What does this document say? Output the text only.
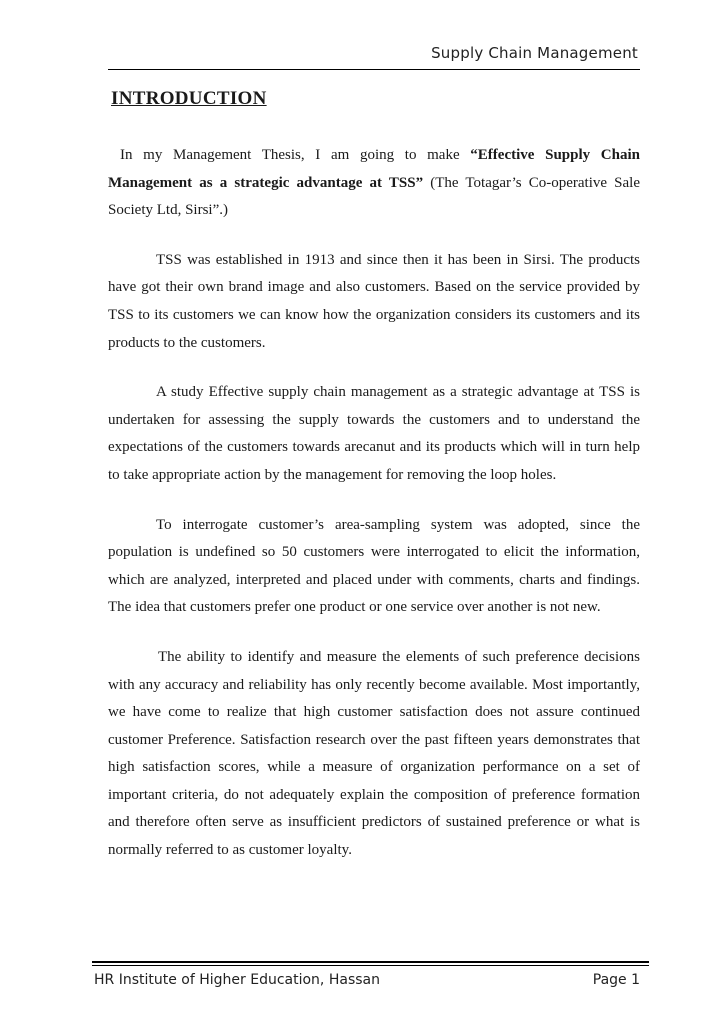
Supply Chain Management
INTRODUCTION

In my Management Thesis, I am going to make “Effective Supply Chain Management as a strategic advantage at TSS” (The Totagar’s Co-operative Sale Society Ltd, Sirsi”.)

TSS was established in 1913 and since then it has been in Sirsi. The products have got their own brand image and also customers. Based on the service provided by TSS to its customers we can know how the organization considers its customers and its products to the customers.

A study Effective supply chain management as a strategic advantage at TSS is undertaken for assessing the supply towards the customers and to understand the expectations of the customers towards arecanut and its products which will in turn help to take appropriate action by the management for removing the loop holes.

To interrogate customer’s area-sampling system was adopted, since the population is undefined so 50 customers were interrogated to elicit the information, which are analyzed, interpreted and placed under with comments, charts and findings. The idea that customers prefer one product or one service over another is not new.

The ability to identify and measure the elements of such preference decisions with any accuracy and reliability has only recently become available. Most importantly, we have come to realize that high customer satisfaction does not assure continued customer Preference. Satisfaction research over the past fifteen years demonstrates that high satisfaction scores, while a measure of organization performance on a set of important criteria, do not adequately explain the composition of preference formation and therefore often serve as insufficient predictors of sustained preference or what is normally referred to as customer loyalty.

HR Institute of Higher Education, Hassan	Page 1
